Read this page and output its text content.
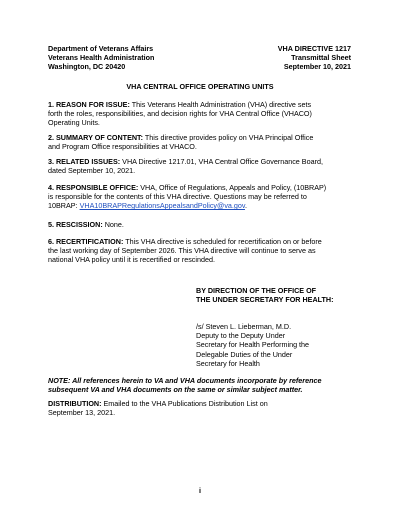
Department of Veterans Affairs
Veterans Health Administration
Washington, DC 20420
VHA DIRECTIVE 1217
Transmittal Sheet
September 10, 2021
VHA CENTRAL OFFICE OPERATING UNITS
1. REASON FOR ISSUE: This Veterans Health Administration (VHA) directive sets
forth the roles, responsibilities, and decision rights for VHA Central Office (VHACO)
Operating Units.
2. SUMMARY OF CONTENT: This directive provides policy on VHA Principal Office
and Program Office responsibilities at VHACO.
3. RELATED ISSUES: VHA Directive 1217.01, VHA Central Office Governance Board,
dated September 10, 2021.
4. RESPONSIBLE OFFICE: VHA, Office of Regulations, Appeals and Policy, (10BRAP)
is responsible for the contents of this VHA directive. Questions may be referred to
10BRAP: VHA10BRAPRegulationsAppealsandPolicy@va.gov.
5. RESCISSION: None.
6. RECERTIFICATION: This VHA directive is scheduled for recertification on or before
the last working day of September 2026. This VHA directive will continue to serve as
national VHA policy until it is recertified or rescinded.
BY DIRECTION OF THE OFFICE OF
THE UNDER SECRETARY FOR HEALTH:
/s/ Steven L. Lieberman, M.D.
Deputy to the Deputy Under
Secretary for Health Performing the
Delegable Duties of the Under
Secretary for Health
NOTE: All references herein to VA and VHA documents incorporate by reference
subsequent VA and VHA documents on the same or similar subject matter.
DISTRIBUTION: Emailed to the VHA Publications Distribution List on
September 13, 2021.
i
